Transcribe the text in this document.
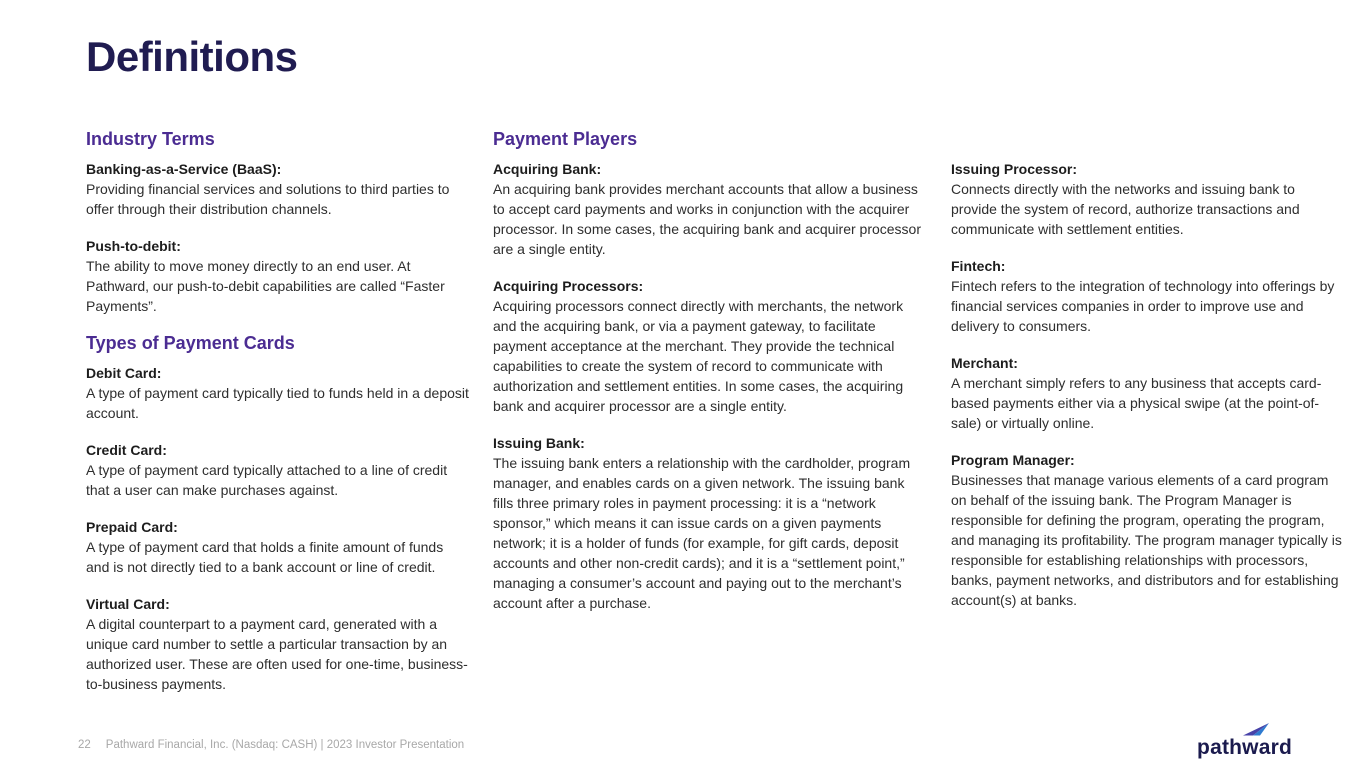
Definitions
Industry Terms
Banking-as-a-Service (BaaS):
Providing financial services and solutions to third parties to offer through their distribution channels.
Push-to-debit:
The ability to move money directly to an end user. At Pathward, our push-to-debit capabilities are called “Faster Payments”.
Types of Payment Cards
Debit Card:
A type of payment card typically tied to funds held in a deposit account.
Credit Card:
A type of payment card typically attached to a line of credit that a user can make purchases against.
Prepaid Card:
A type of payment card that holds a finite amount of funds and is not directly tied to a bank account or line of credit.
Virtual Card:
A digital counterpart to a payment card, generated with a unique card number to settle a particular transaction by an authorized user. These are often used for one-time, business-to-business payments.
Payment Players
Acquiring Bank:
An acquiring bank provides merchant accounts that allow a business to accept card payments and works in conjunction with the acquirer processor. In some cases, the acquiring bank and acquirer processor are a single entity.
Acquiring Processors:
Acquiring processors connect directly with merchants, the network and the acquiring bank, or via a payment gateway, to facilitate payment acceptance at the merchant. They provide the technical capabilities to create the system of record to communicate with authorization and settlement entities. In some cases, the acquiring bank and acquirer processor are a single entity.
Issuing Bank:
The issuing bank enters a relationship with the cardholder, program manager, and enables cards on a given network. The issuing bank fills three primary roles in payment processing: it is a “network sponsor,” which means it can issue cards on a given payments network; it is a holder of funds (for example, for gift cards, deposit accounts and other non-credit cards); and it is a “settlement point,” managing a consumer’s account and paying out to the merchant’s account after a purchase.
Issuing Processor:
Connects directly with the networks and issuing bank to provide the system of record, authorize transactions and communicate with settlement entities.
Fintech:
Fintech refers to the integration of technology into offerings by financial services companies in order to improve use and delivery to consumers.
Merchant:
A merchant simply refers to any business that accepts card-based payments either via a physical swipe (at the point-of-sale) or virtually online.
Program Manager:
Businesses that manage various elements of a card program on behalf of the issuing bank. The Program Manager is responsible for defining the program, operating the program, and managing its profitability. The program manager typically is responsible for establishing relationships with processors, banks, payment networks, and distributors and for establishing account(s) at banks.
22 Pathward Financial, Inc. (Nasdaq: CASH) | 2023 Investor Presentation	pathward
